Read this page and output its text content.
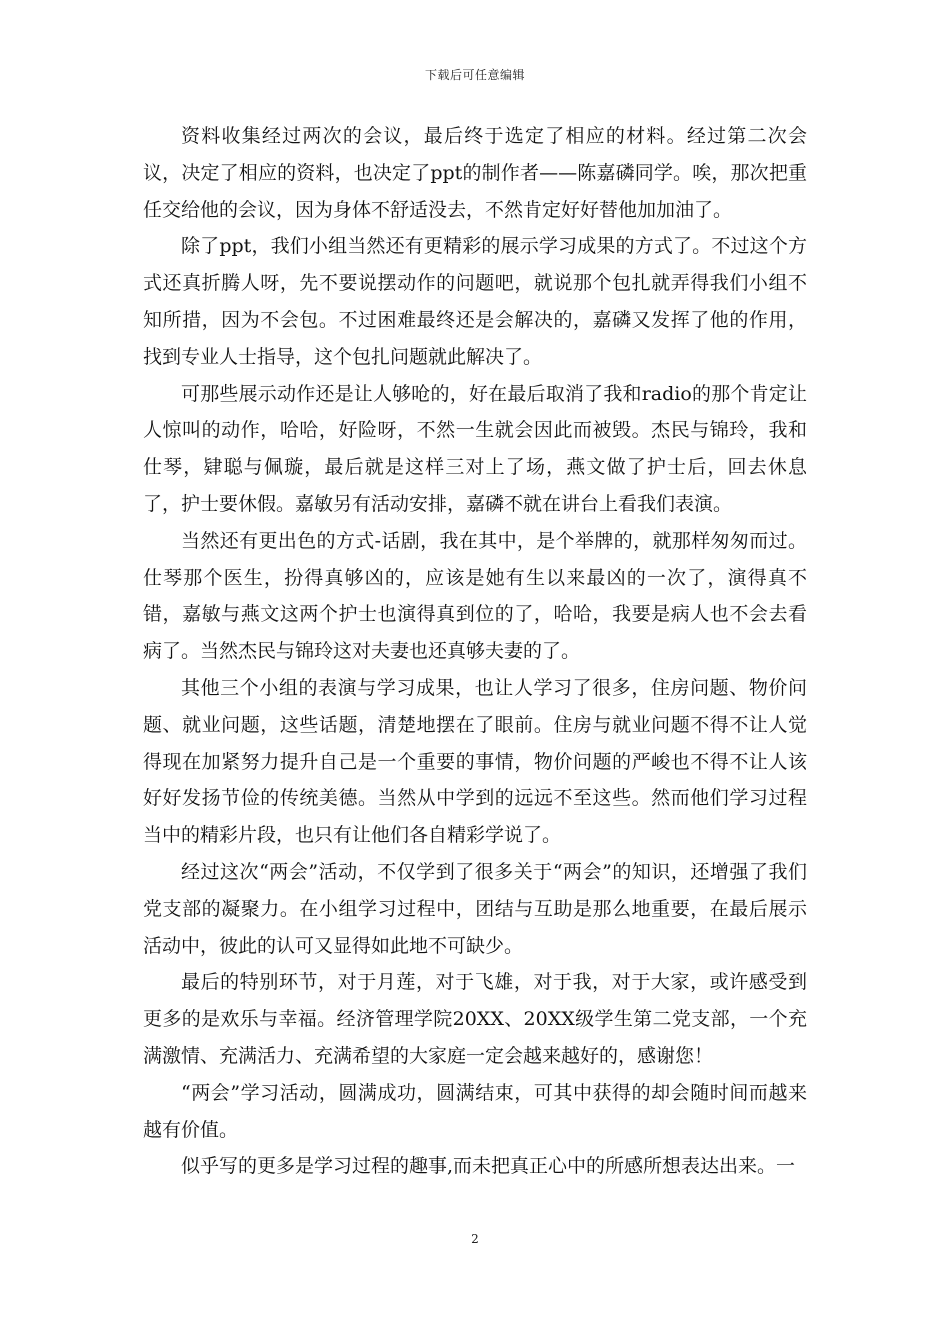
下载后可任意编辑

资料收集经过两次的会议，最后终于选定了相应的材料。经过第二次会议，决定了相应的资料，也决定了ppt的制作者——陈嘉磷同学。唉，那次把重任交给他的会议，因为身体不舒适没去，不然肯定好好替他加加油了。

除了ppt，我们小组当然还有更精彩的展示学习成果的方式了。不过这个方式还真折腾人呀，先不要说摆动作的问题吧，就说那个包扎就弄得我们小组不知所措，因为不会包。不过困难最终还是会解决的，嘉磷又发挥了他的作用，找到专业人士指导，这个包扎问题就此解决了。

可那些展示动作还是让人够呛的，好在最后取消了我和radio的那个肯定让人惊叫的动作，哈哈，好险呀，不然一生就会因此而被毁。杰民与锦玲，我和仕琴，肄聪与佩璇，最后就是这样三对上了场，燕文做了护士后，回去休息了，护士要休假。嘉敏另有活动安排，嘉磷不就在讲台上看我们表演。

当然还有更出色的方式-话剧，我在其中，是个举牌的，就那样匆匆而过。仕琴那个医生，扮得真够凶的，应该是她有生以来最凶的一次了，演得真不错，嘉敏与燕文这两个护士也演得真到位的了，哈哈，我要是病人也不会去看病了。当然杰民与锦玲这对夫妻也还真够夫妻的了。

其他三个小组的表演与学习成果，也让人学习了很多，住房问题、物价问题、就业问题，这些话题，清楚地摆在了眼前。住房与就业问题不得不让人觉得现在加紧努力提升自己是一个重要的事情，物价问题的严峻也不得不让人该好好发扬节俭的传统美德。当然从中学到的远远不至这些。然而他们学习过程当中的精彩片段，也只有让他们各自精彩学说了。

经过这次“两会”活动，不仅学到了很多关于“两会”的知识，还增强了我们党支部的凝聚力。在小组学习过程中，团结与互助是那么地重要，在最后展示活动中，彼此的认可又显得如此地不可缺少。

最后的特别环节，对于月莲，对于飞雄，对于我，对于大家，或许感受到更多的是欢乐与幸福。经济管理学院20XX、20XX级学生第二党支部，一个充满激情、充满活力、充满希望的大家庭一定会越来越好的，感谢您！

“两会”学习活动，圆满成功，圆满结束，可其中获得的却会随时间而越来越有价值。

似乎写的更多是学习过程的趣事,而未把真正心中的所感所想表达出来。一

2
